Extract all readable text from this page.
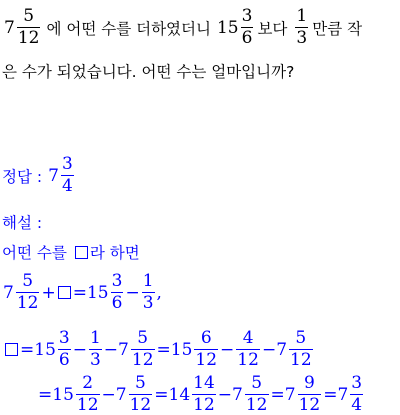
$7 \frac{5}{12}$ 에 어떤 수를 더하였더니 $15 \frac{3}{6}$ 보다 $\frac{1}{3}$ 만큼 작
은 수가 되었습니다. 어떤 수는 얼마입니까?
정답 : $7 \frac{3}{4}$
해설 :
어떤 수를 라 하면
$7 \frac{5}{12}$ + = $15 \frac{3}{6} - \frac{1}{3}$ ,
= $15 \frac{3}{6} - \frac{1}{3} - 7 \frac{5}{12} = 15 \frac{6}{12} - \frac{4}{12} - 7 \frac{5}{12}$
= $15 \frac{2}{12} - 7 \frac{5}{12} = 14 \frac{14}{12} - 7 \frac{5}{12} = 7 \frac{9}{12} = 7 \frac{3}{4}$
